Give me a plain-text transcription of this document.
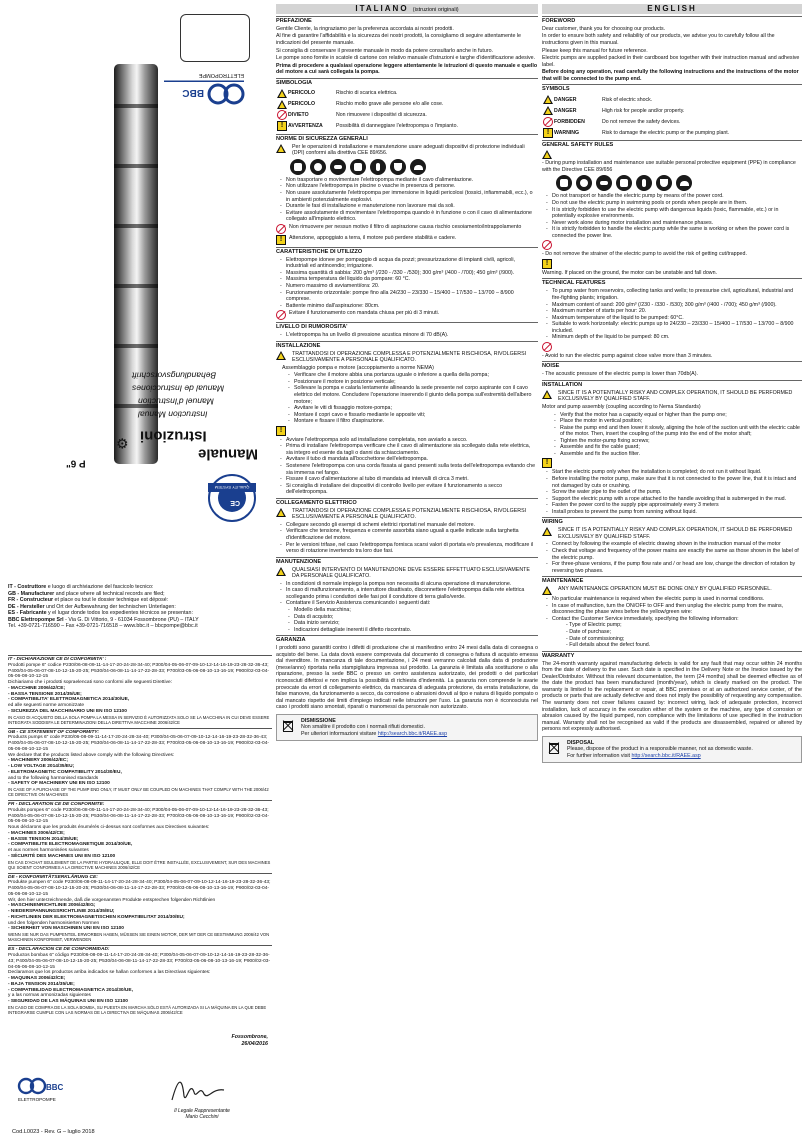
BBC
ELETTROPOMPE
P 6"
Manuale
Istruzioni
Instruction Manual
Manuel d'Instruction
Manual de Instrucciones
Behandlungsvorschrift
⚙
CE
QUALITY SYSTEM

IT - Costruttore e luogo di archiviazione del fascicolo tecnico:

GB - Manufacturer and place where all technical records are filed;

FR - Constructeur et place ou tout le dossier technique est déposé:

DE - Hersteller und Ort der Aufbewahrung der technischen Unterlagen:

ES - Fabricante y el lugar donde todos los expedientes técnicos se presentan:

BBC Elettropompe Srl - Via G. Di Vittorio, 9 - 61034 Fossombrone (PU) – ITALY

Tel. +39-0721-716590 – Fax +39-0721-716518 – www.bbc.it – bbcpompe@bbc.it

IT - DICHIARAZIONE CE DI CONFORMITA' :
Prodotti pompe 6" codice P230/06-08-09-11-14-17-20-24-28-34-40; P300/04-05-06-07-09-10-12-14-16-19-23-28-32-36-43; P400/04-05-06-07-08-10-12-15-20-25; P530/04-06-08-11-14-17-22-28-33; P700/03-05-06-08-10-13-16-19; P900/02-03-04-05-06-08-10-12-15
Dichiariamo che i prodotti sopraelencati sono conformi alle seguenti Direttive:
- MACCHINE 2006/42/CE;
- BASSA TENSIONE 2014/35/UE;
- COMPATIBILITA' ELETTROMAGNETICA 2014/30/UE,
ed alle seguenti norme armonizzate
- SICUREZZA DEL MACCHINARIO UNI EN ISO 12100
IN CASO DI ACQUISTO DELLA SOLA POMPA LA MESSA IN SERVIZIO È AUTORIZZATA SOLO SE LA MACCHINA IN CUI DEVE ESSERE INTEGRATA SODDISFA LE DETERMINAZIONI DELLA DIRETTIVA MACCHINE 2006/42/CE
GB - CE STATEMENT OF CONFORMITY:
Products pumps 6" code P230/06-08-09-11-14-17-20-24-28-34-40; P300/04-05-06-07-09-10-12-14-16-19-23-28-32-36-43; P400/04-05-06-07-08-10-12-15-20-25; P530/04-06-08-11-14-17-22-28-33; P700/03-05-06-08-10-13-16-19; P900/02-03-04-05-06-08-10-12-15
We declare that the products listed above comply with the following Directives:
- MACHINERY 2006/42/EC;
- LOW VOLTAGE 2014/35/EU;
- ELETROMAGNETIC COMPATIBILITY 2014/30/EU,
and to the following harmonised standards
- SAFETY OF MACHINERY UNI EN ISO 12100
IN CASE OF A PURCHASE OF THE PUMP END ONLY, IT MUST ONLY BE COUPLED ON MACHINES THAT COMPLY WITH THE 2006/42 CE DIRECTIVE ON MACHINES
FR - DECLARATION CE DE CONFORMITE:
Produits pompes 6" code P230/06-08-09-11-14-17-20-24-28-34-40; P300/04-05-06-07-09-10-12-14-16-19-23-28-32-36-43; P400/04-05-06-07-08-10-12-15-20-25; P530/04-06-08-11-14-17-22-28-33; P700/03-05-06-08-10-13-16-19; P900/02-03-04-05-06-08-10-12-15
Nous déclarons que les produits énumérés ci-dessus sont conformes aux Directives suivantes:
- MACHINES 2006/42/CE;
- BASSE TENSION 2014/35/UE;
- COMPATIBILITE ELECTROMAGNETIQUE 2014/30/UE,
et aux normes harmonisées suivantes
- SÉCURITÉ DES MACHINES UNI EN ISO 12100
EN CAS D'ACHAT SEULEMENT DE LA PARTIE HYDRAULIQUE, ELLE DOIT ÊTRE INSTALLÉE, EXCLUSIVEMENT, SUR DES MACHINES QUI SOIENT CONFORMES A LA DIRECTIVE MACHINES 2006/42/CE
DE - KONFORMITÄTSERKLÄRUNG CE:
Produkte pumpen 6" code P230/06-08-09-11-14-17-20-24-28-34-40; P300/04-05-06-07-09-10-12-14-16-19-23-28-32-36-43; P400/04-05-06-07-08-10-12-15-20-25; P530/04-06-08-11-14-17-22-28-33; P700/03-05-06-08-10-13-16-19; P900/02-03-04-05-06-08-10-12-15
Wir, den hier unterzeichnende, daß die vorgenannten Produkte entsprechen folgenden Richtlinien
- MASCHINENRICHTLINIE 2006/42/EG;
- NIEDERSPANNUNGSRICHTLINIE 2014/35/EU;
- RICHTLINIEN DER ELEKTROMAGNETISCHEN KOMPATIBILITAT 2014/30/EU;
und den folgenden harmonisierten Normen
- SICHERHEIT VON MASCHINEN UNI EN ISO 12100
WENN SIE NUR DAS PUMPENTEIL ERWORBEN HABEN, MÜSSEN SIE EINEN MOTOR, DER MIT DER CE BESTIMMUNG 2006/42 VON MASCHINEN KONFORMIST, VERWENDEN
ES - DECLARACION CE DE CONFORMIDAD:
Productos bombas 6" código P230/06-08-09-11-14-17-20-24-28-34-40; P300/04-05-06-07-09-10-12-14-16-19-23-28-32-36-43; P400/04-05-06-07-08-10-12-15-20-25; P530/04-06-08-11-14-17-22-28-33; P700/03-05-06-08-10-13-16-19; P900/02-03-04-05-06-08-10-12-15
Declaramos que los productos arriba indicados se hallan conformes a las Directivas siguientes:
- MAQUINAS 2006/42/CE;
- BAJA TENSION 2014/35/UE;
- COMPATIBILIDAD ELECTROMAGNETICA 2014/30/UE,
y a las normas armonizadas siguientes
- SEGURIDAD DE LAS MÁQUINAS UNI EN ISO 12100
EN CASO DE COMPRA DE LA SOLA BOMBA, SU PUESTA EN MARCHA SÓLO ESTÁ AUTORIZADA SI LA MÁQUINA EN LA QUE DEBE INTEGRARSE CUMPLE CON LAS NORMAS DE LA DIRECTIVA DE MÁQUINAS 2006/42/CE
Fossombrone,
26/04/2016
BBC
ELETTROPOMPE
Il Legale Rappresentante
Mario Cecchini
Cod.L0023 - Rev. G – luglio 2018
ITALIANO (istruzioni originali)
PREFAZIONE

Gentile Cliente, la ringraziamo per la preferenza accordata ai nostri prodotti.

Al fine di garantire l'affidabilità e la sicurezza dei nostri prodotti, la consigliamo di seguire attentamente le indicazioni del presente manuale.

Si consiglia di conservare il presente manuale in modo da potere consultarlo anche in futuro.

Le pompe sono fornite in scatole di cartone con relativo manuale d'istruzioni e targhe d'identificazione adesive.

Prima di procedere a qualsiasi operazione leggere attentamente le istruzioni di questo manuale e quello del motore a cui sarà collegata la pompa.

SIMBOLOGIA
PERICOLO	Rischio di scarica elettrica.
PERICOLO	Rischio molto grave alle persone e/o alle cose.
DIVIETO	Non rimuovere i dispositivi di sicurezza.
! AVVERTENZA	Possibilità di danneggiare l'elettropompa o l'impianto.
NORME DI SICUREZZA GENERALI
Per le operazioni di installazione e manutenzione usare adeguati dispositivi di protezione individuali (DPI) conformi alla direttiva CEE 89/656.
- Non trasportare o movimentare l'elettropompa mediante il cavo d'alimentazione.
- Non utilizzare l'elettropompa in piscine o vasche in presenza di persone.
- Non usare assolutamente l'elettropompa per immersione in liquidi pericolosi (tossici, infiammabili, ecc.), o in ambienti potenzialmente esplosivi.
- Durante le fasi di installazione e manutenzione non lavorare mai da soli.
- Evitare assolutamente di movimentare l'elettropompa quando è in funzione o con il cavo di alimentazione collegato all'impianto elettrico.
Non rimuovere per nessun motivo il filtro di aspirazione causa rischio cesoiamento/intrappolamento
!	Attenzione, appoggiato a terra, il motore può perdere stabilità e cadere.
CARATTERISTICHE DI UTILIZZO
- Elettropompe idonee per pompaggio di acqua da pozzi; pressurizzazione di impianti civili, agricoli, industriali ed antincendio; irrigazione.
- Massima quantità di sabbia: 200 g/m³ (/230 - /330 - /530); 300 g/m³ (/400 - /700); 450 g/m³ (/900).
- Massima temperatura del liquido da pompare: 60 °C.
- Numero massimo di avviamenti/ora: 20.
- Funzionamento orizzontale: pompe fino alla 24/230 – 23/330 – 15/400 – 17/530 – 13/700 – 8/900 comprese.
- Battente minimo dall'aspirazione: 80cm.
Evitare il funzionamento con mandata chiusa per più di 3 minuti.
LIVELLO DI RUMOROSITA'
- L'elettropompa ha un livello di pressione acustica minore di 70 dB(A).
INSTALLAZIONE
TRATTANDOSI DI OPERAZIONE COMPLESSA E POTENZIALMENTE RISCHIOSA, RIVOLGERSI ESCLUSIVAMENTE A PERSONALE QUALIFICATO.

Assemblaggio pompa e motore (accoppiamento a norme NEMA)

- Verificare che il motore abbia una portanza uguale o inferiore a quella della pompa;
- Posizionare il motore in posizione verticale;
- Sollevare la pompa e calarla lentamente allineando la sede presente nel corpo aspirante con il cavo elettrico del motore. Concludere l'operazione inserendo il giunto della pompa sull'estremità dell'albero motore;
- Avvitare le viti di fissaggio motore-pompa;
- Montare il copri cavo e fissarlo mediante le apposite viti;
- Montare e fissare il filtro d'aspirazione.
!
- Avviare l'elettropompa solo ad installazione completata, non avviarlo a secco.
- Prima di installare l'elettropompa verificare che il cavo di alimentazione sia scollegato dalla rete elettrica, sia integro ed esente da tagli o danni da schiacciamento.
- Avvitare il tubo di mandata all'bocchettone dell'elettropompa.
- Sostenere l'elettropompa con una corda fissata ai ganci presenti sulla testa dell'elettropompa evitando che sia immersa nel fango.
- Fissare il cavo d'alimentazione al tubo di mandata ad intervalli di circa 3 metri.
- Si consiglia di installare dei dispositivi di controllo livello per evitare il funzionamento a secco dell'elettropompa.
COLLEGAMENTO ELETTRICO
TRATTANDOSI DI OPERAZIONE COMPLESSA E POTENZIALMENTE RISCHIOSA, RIVOLGERSI ESCLUSIVAMENTE A PERSONALE QUALIFICATO.
- Collegare secondo gli esempi di schemi elettrici riportati nel manuale del motore.
- Verificare che tensione, frequenza e corrente assorbita siano uguali a quelle indicate sulla targhetta d'identificazione del motore.
- Per le versioni trifase, nel caso l'elettropompa fornisca scarsi valori di portata e/o prevalenza, modificare il verso di rotazione invertendo tra loro due fasi.
MANUTENZIONE
QUALSIASI INTERVENTO DI MANUTENZIONE DEVE ESSERE EFFETTUATO ESCLUSIVAMENTE DA PERSONALE QUALIFICATO.
- In condizioni di normale impiego la pompa non necessita di alcuna operazione di manutenzione.
- In caso di malfunzionamento, a interruttore disattivato, disconnettere l'elettropompa dalla rete elettrica scollegando prima i conduttori delle fasi poi il conduttore di terra giallo/verde.
- Contattare il Servizio Assistenza comunicando i seguenti dati:
- Modello della macchina;
- Data di acquisto;
- Data inizio servizio;
- Indicazioni dettagliate inerenti il difetto riscontrato.
GARANZIA

I prodotti sono garantiti contro i difetti di produzione che si manifestino entro 24 mesi dalla data di consegna o acquisto del bene. La data dovrà essere comprovata dal documento di consegna o fattura di acquisto emessa dal rivenditore. In mancanza di tale documentazione, i 24 mesi verranno calcolati dalla data di produzione (mese/anno) riportata nella stampigliatura impressa sul prodotto. La garanzia è limitata alla sostituzione o alla riparazione, presso la sede BBC o presso un centro assistenza autorizzato, dei prodotti o dei particolari riconosciuti difettosi e non implica la possibilità di richiesta d'indennità. La garanzia non comprende le avarie provocate da errori di collegamento elettrico, da mancanza di adeguata protezione, da errata installazione, da false manovre, da funzionamento a secco, da corrosione o abrasioni dovuti al tipo e natura di liquido pompato o dal mancato rispetto dei limiti d'impiego indicati nelle istruzioni per l'uso. La garanzia non è riconosciuta nel caso i prodotti siano smontati, riparati o manomessi da personale non autorizzato.

DISMISSIONE
Non smaltire il prodotto con i normali rifiuti domestici.
Per ulteriori informazioni visitare http://search.bbc.it/RAEE.asp
ENGLISH
FOREWORD

Dear customer, thank you for choosing our products.

In order to ensure both safety and reliability of our products, we advise you to carefully follow all the instructions given in this manual.

Please keep this manual for future reference.

Electric pumps are supplied packed in their cardboard box together with their instruction manual and adhesive label.

Before doing any operation, read carefully the following instructions and the instructions of the motor that will be connected to the pump end.

SYMBOLS
DANGER	Risk of electric shock.
DANGER	High risk for people and/or property.
FORBIDDEN	Do not remove the safety devices.
! WARNING	Risk to damage the electric pump or the pumping plant.
GENERAL SAFETY RULES

- During pump installation and maintenance use suitable personal protective equipment (PPE) in compliance with the Directive CEE 89/656

- Do not transport or handle the electric pump by means of the power cord.
- Do not use the electric pump in swimming pools or ponds when people are in them.
- It is strictly forbidden to use the electric pump with dangerous liquids (toxic, flammable, etc.) or in potentially explosive environments.
- Never work alone during motor installation and maintenance phases.
- It is strictly forbidden to handle the electric pump while the same is working or when the power cord is connected the power line.

- Do not remove the strainer of the electric pump to avoid the risk of getting cut/trapped.

!

Warning. If placed on the ground, the motor can be unstable and fall down.

TECHNICAL FEATURES
- To pump water from reservoirs, collecting tanks and wells; to pressurise civil, agricultural, industrial and fire-fighting plants; irrigation.
- Maximum content of sand: 200 g/m³ (/230 - /330 - /530); 300 g/m³ (/400 - /700); 450 g/m³ (/900).
- Maximum number of starts per hour: 20.
- Maximum temperature of the liquid to be pumped: 60°C.
- Suitable to work horizontally: electric pumps up to 24/230 – 23/330 – 15/400 – 17/530 – 13/700 – 8/900 included.
- Minimum depth of the liquid to be pumped: 80 cm.

- Avoid to run the electric pump against close valve more than 3 minutes.

NOISE

- The acoustic pressure of the electric pump is lower than 70db(A).

INSTALLATION
SINCE IT IS A POTENTIALLY RISKY AND COMPLEX OPERATION, IT SHOULD BE PERFORMED EXCLUSIVELY BY QUALIFIED STAFF.

Motor and pump assembly (coupling according to Nema Standards)

- Verify that the motor has a capacity equal or higher than the pump one;
- Place the motor in vertical position;
- Raise the pump end and then lower it slowly, aligning the hole of the suction unit with the electric cable of the motor. Then, insert the coupling of the pump into the end of the motor shaft;
- Tighten the motor-pump fixing screws;
- Assemble and fix the cable guard;
- Assemble and fix the suction filter.
!
- Start the electric pump only when the installation is completed; do not run it without liquid.
- Before installing the motor pump, make sure that it is not connected to the power line, that it is intact and not damaged by cuts or crushing.
- Screw the water pipe to the outlet of the pump.
- Support the electric pump with a rope attached to the handle avoiding that is submerged in the mud.
- Fasten the power cord to the supply pipe approximately every 3 meters
- Install probes to prevent the pump from running without liquid.
WIRING
SINCE IT IS A POTENTIALLY RISKY AND COMPLEX OPERATION, IT SHOULD BE PERFORMED EXCLUSIVELY BY QUALIFIED STAFF.
- Connect by following the example of electric drawing shown in the instruction manual of the motor
- Check that voltage and frequency of the power mains are exactly the same as those shown in the label of the electric pump.
- For three-phase versions, if the pump flow rate and / or head are low, change the direction of rotation by reversing two phases.
MAINTENANCE
ANY MAINTENANCE OPERATION MUST BE DONE ONLY BY QUALIFIED PERSONNEL.
- No particular maintenance is required when the electric pump is used in normal conditions.
- In case of malfunction, turn the ON/OFF to OFF and then unplug the electric pump from the mains, disconnecting the phase wires before the yellow/green wire:
- Contact the Customer Service immediately, specifying the following information:
- Type of Electric pump;
- Date of purchase;
- Date of commissioning;
- Full details about the defect found.
WARRANTY

The 24-month warranty against manufacturing defects is valid for any fault that may occur within 24 months from the date of delivery to the user. Such date is specified in the Delivery Note or the Invoice issued by the Dealer/Distributor. Without this relevant documentation, the term (24 months) shall be deemed effective as of the date the product has been manufactured (month/year), which is clearly marked on the product. The warranty is limited to the replacement or repair, at BBC premises or at an authorized service center, of the products or parts that are actually defective and does not imply the possibility of requesting any compensation. The warranty does not cover failures caused by: incorrect wiring, lack of adequate protection, incorrect installation, lack of accuracy in the execution either of the system or the machine, any type of corrosion or abrasion caused by the liquid pumped, non compliance with the limitations of use specified in the instruction manual. Warranty shall not be recognised as valid if the products are disassembled, repaired or altered by persons not expressly authorised.

DISPOSAL
Please, dispose of the product in a responsible manner, not as domestic waste.
For further information visit http://search.bbc.it/RAEE.asp
